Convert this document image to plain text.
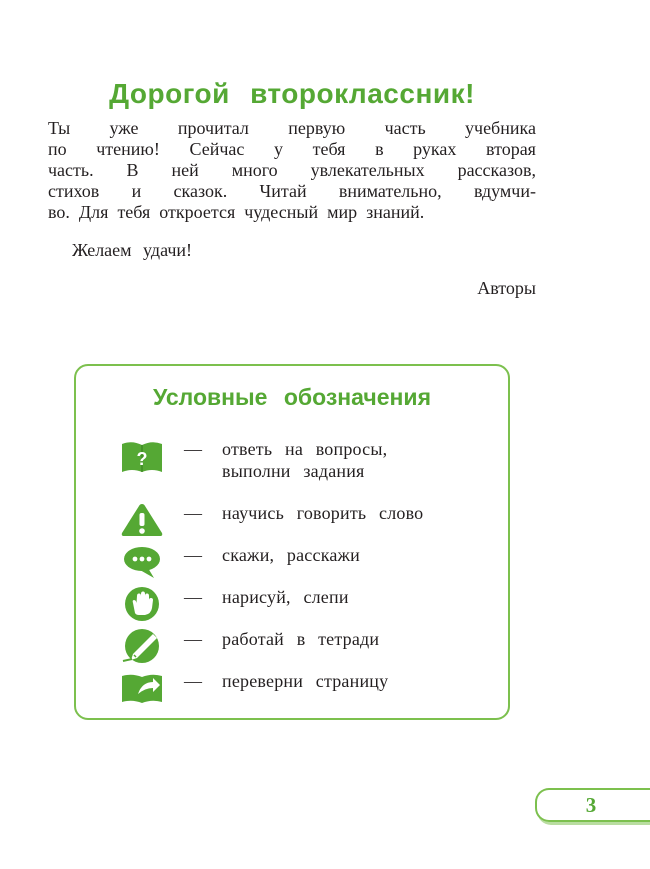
Дорогой второклассник!
Ты уже прочитал первую часть учебника
по чтению! Сейчас у тебя в руках вторая
часть. В ней много увлекательных рассказов,
стихов и сказок. Читай внимательно, вдумчи-
во. Для тебя откроется чудесный мир знаний.
Желаем удачи!
Авторы
Условные обозначения
? —	ответь на вопросы,
выполни задания
—	научись говорить слово
—	скажи, расскажи
—	нарисуй, слепи
—	работай в тетради
—	переверни страницу
3
